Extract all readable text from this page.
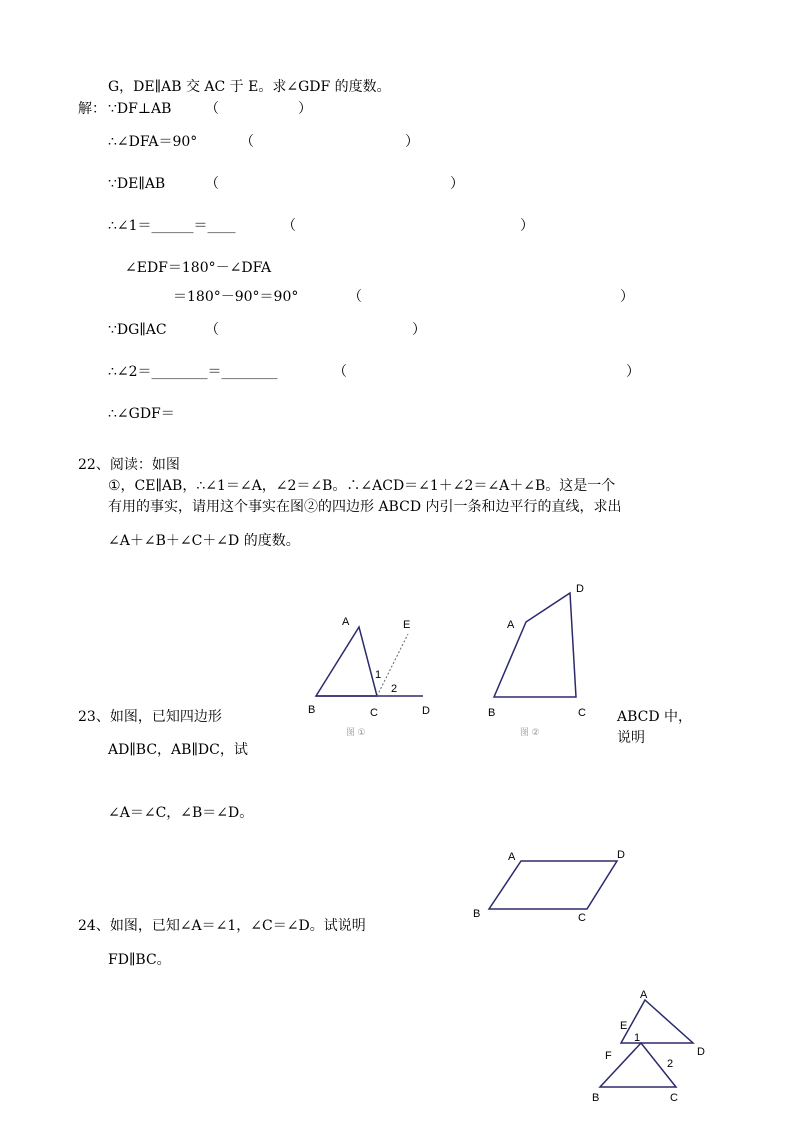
G，DE∥AB 交 AC 于 E。求∠GDF 的度数。
解： ∵DF⊥AB （	）
∴∠DFA＝90°	（	）
∵DE∥AB	（	）
∴∠1＝______＝____	（	）
∠EDF＝180°－∠DFA
＝180°－90°＝90°	（	）
∵DG∥AC	（	）
∴∠2＝________＝________	（	）
∴∠GDF＝
22、阅读：如图
①，CE∥AB，∴∠1＝∠A，∠2＝∠B。∴∠ACD＝∠1＋∠2＝∠A＋∠B。这是一个
有用的事实，请用这个事实在图②的四边形 ABCD 内引一条和边平行的直线，求出
∠A＋∠B＋∠C＋∠D 的度数。
A
B	C	D
E
1
2
图 ①
A
B	C
D
图 ②
23、如图，已知四边形	ABCD 中，
说明
AD∥BC，AB∥DC，试
∠A＝∠C，∠B＝∠D。
A
B	C
D
24、如图，已知∠A＝∠1，∠C＝∠D。试说明
FD∥BC。
A
B	C
D
E
F
1
2
